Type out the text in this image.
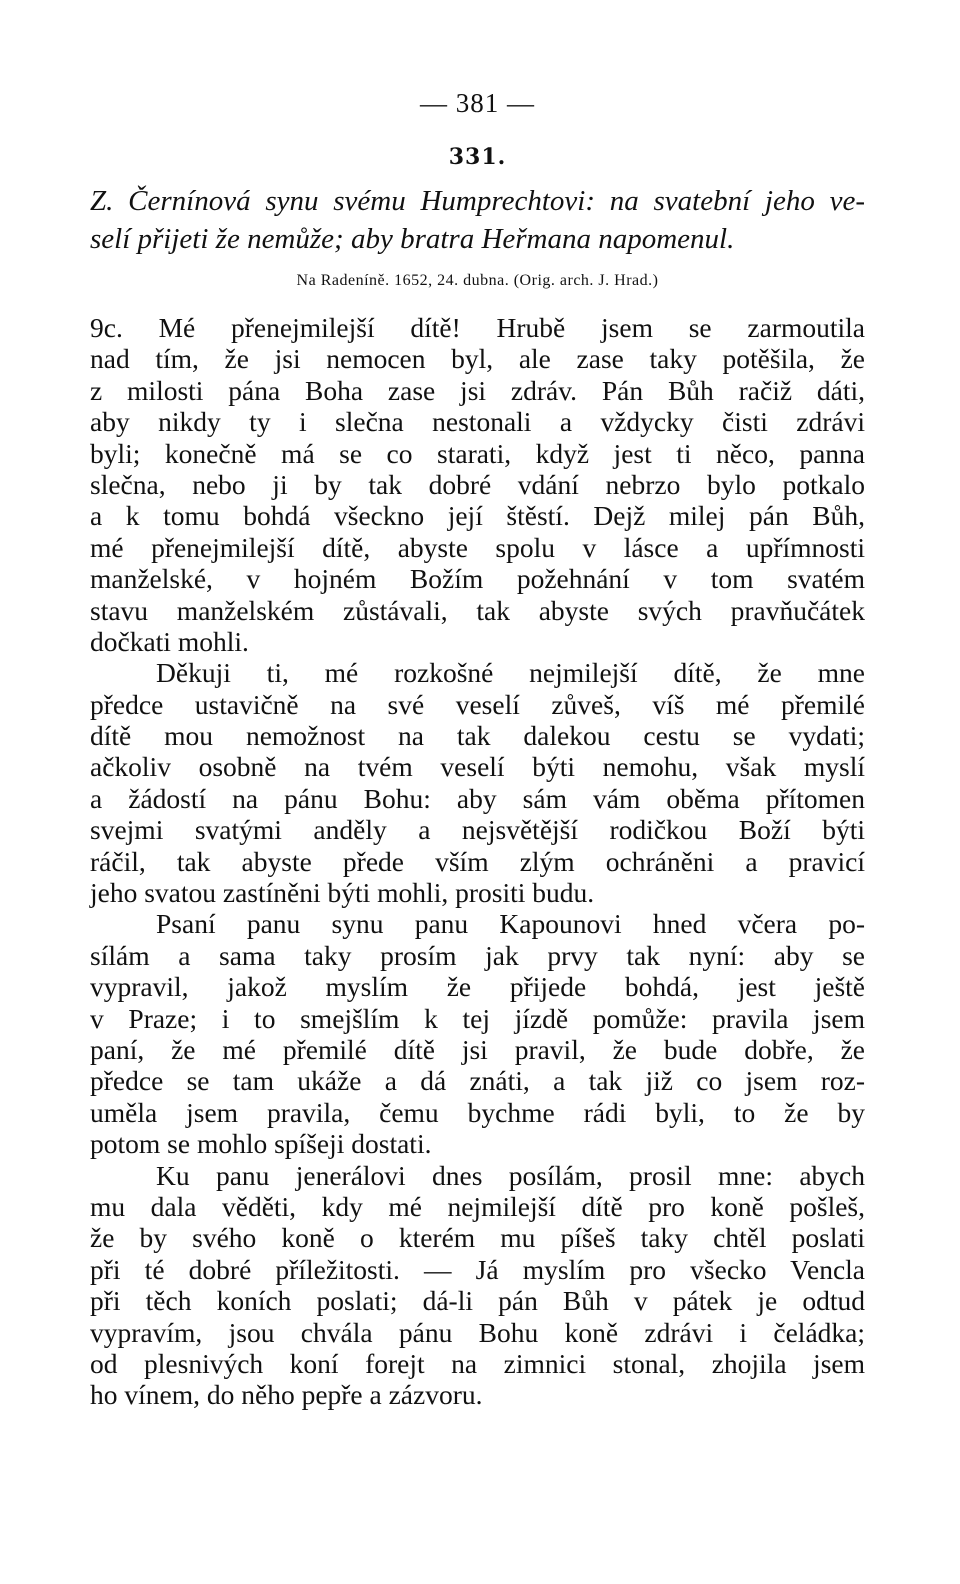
— 381 —
331.
Z. Černínová synu svému Humprechtovi: na svatební jeho ve-
selí přijeti že nemůže; aby bratra Heřmana napomenul.
Na Radeníně. 1652, 24. dubna. (Orig. arch. J. Hrad.)
9c. Mé přenejmilejší dítě! Hrubě jsem se zarmoutila
nad tím, že jsi nemocen byl, ale zase taky potěšila, že
z milosti pána Boha zase jsi zdráv. Pán Bůh račiž dáti,
aby nikdy ty i slečna nestonali a vždycky čisti zdrávi
byli; konečně má se co starati, když jest ti něco, panna
slečna, nebo ji by tak dobré vdání nebrzo bylo potkalo
a k tomu bohdá všeckno její štěstí. Dejž milej pán Bůh,
mé přenejmilejší dítě, abyste spolu v lásce a upřímnosti
manželské, v hojném Božím požehnání v tom svatém
stavu manželském zůstávali, tak abyste svých pravňučátek
dočkati mohli.
Děkuji ti, mé rozkošné nejmilejší dítě, že mne
předce ustavičně na své veselí zůveš, víš mé přemilé
dítě mou nemožnost na tak dalekou cestu se vydati;
ačkoliv osobně na tvém veselí býti nemohu, však myslí
a žádostí na pánu Bohu: aby sám vám oběma přítomen
svejmi svatými anděly a nejsvětější rodičkou Boží býti
ráčil, tak abyste přede vším zlým ochráněni a pravicí
jeho svatou zastíněni býti mohli, prositi budu.
Psaní panu synu panu Kapounovi hned včera po-
sílám a sama taky prosím jak prvy tak nyní: aby se
vypravil, jakož myslím že přijede bohdá, jest ještě
v Praze; i to smejšlím k tej jízdě pomůže: pravila jsem
paní, že mé přemilé dítě jsi pravil, že bude dobře, že
předce se tam ukáže a dá znáti, a tak již co jsem roz-
uměla jsem pravila, čemu bychme rádi byli, to že by
potom se mohlo spíšeji dostati.
Ku panu jenerálovi dnes posílám, prosil mne: abych
mu dala věděti, kdy mé nejmilejší dítě pro koně pošleš,
že by svého koně o kterém mu píšeš taky chtěl poslati
při té dobré příležitosti. — Já myslím pro všecko Vencla
při těch koních poslati; dá-li pán Bůh v pátek je odtud
vypravím, jsou chvála pánu Bohu koně zdrávi i čeládka;
od plesnivých koní forejt na zimnici stonal, zhojila jsem
ho vínem, do něho pepře a zázvoru.
